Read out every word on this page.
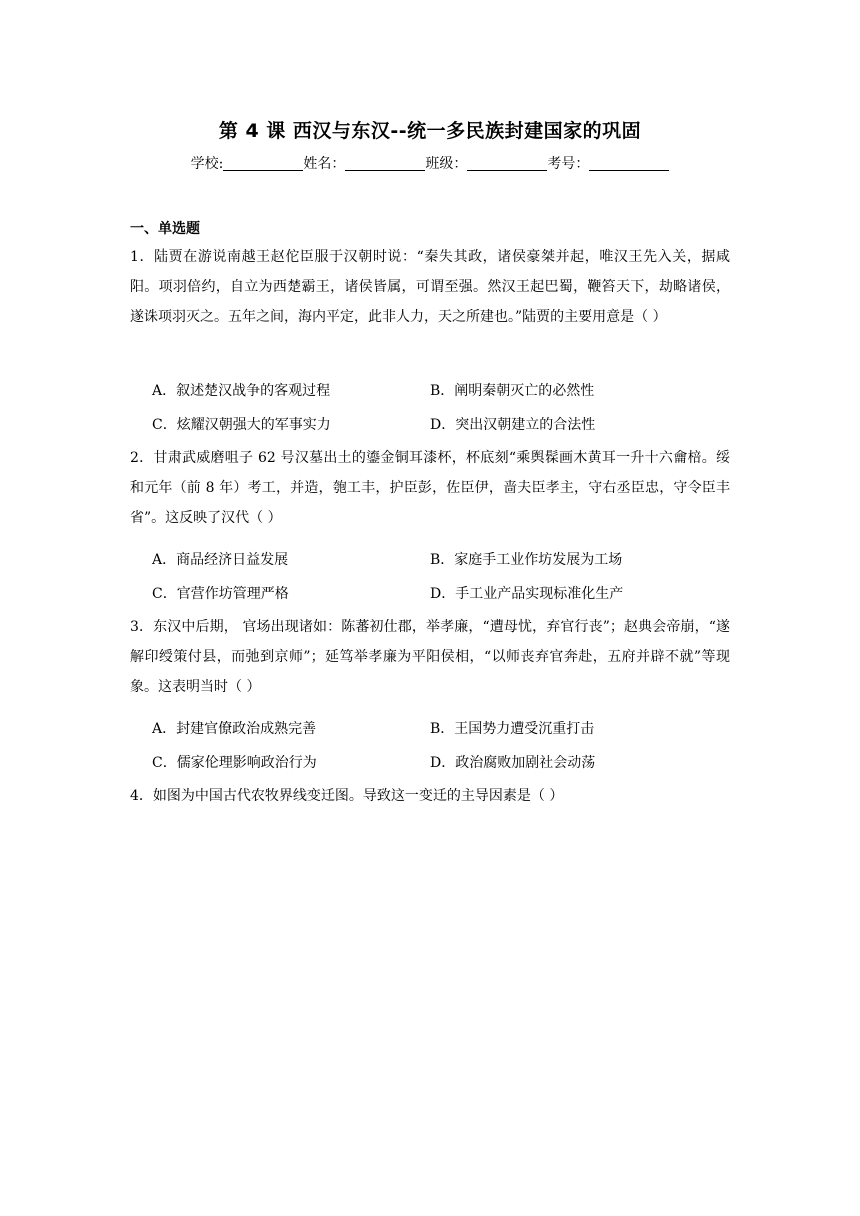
第 4 课 西汉与东汉--统一多民族封建国家的巩固
学校:	姓名：	班级：	考号：
一、单选题
1．陆贾在游说南越王赵佗臣服于汉朝时说：“秦失其政，诸侯豪桀并起，唯汉王先入关，据咸阳。项羽倍约，自立为西楚霸王，诸侯皆属，可谓至强。然汉王起巴蜀，鞭笞天下，劫略诸侯，遂诛项羽灭之。五年之间，海内平定，此非人力，天之所建也。”陆贾的主要用意是（ ）
A．叙述楚汉战争的客观过程	B．阐明秦朝灭亡的必然性
C．炫耀汉朝强大的军事实力	D．突出汉朝建立的合法性
2．甘肃武威磨咀子 62 号汉墓出土的鎏金铜耳漆杯，杯底刻“乘舆髹画木黄耳一升十六龠棓。绥和元年（前 8 年）考工，并造，匏工丰，护臣彭，佐臣伊，啬夫臣孝主，守右丞臣忠，守令臣丰省”。这反映了汉代（ ）
A．商品经济日益发展	B．家庭手工业作坊发展为工场
C．官营作坊管理严格	D．手工业产品实现标准化生产
3．东汉中后期， 官场出现诸如：陈蕃初仕郡，举孝廉，“遭母忧，弃官行丧”；赵典会帝崩，“遂解印绶策付县，而弛到京师”；延笃举孝廉为平阳侯相，“以师丧弃官奔赴，五府并辟不就”等现象。这表明当时（ ）
A．封建官僚政治成熟完善	B．王国势力遭受沉重打击
C．儒家伦理影响政治行为	D．政治腐败加剧社会动荡
4．如图为中国古代农牧界线变迁图。导致这一变迁的主导因素是（ ）
